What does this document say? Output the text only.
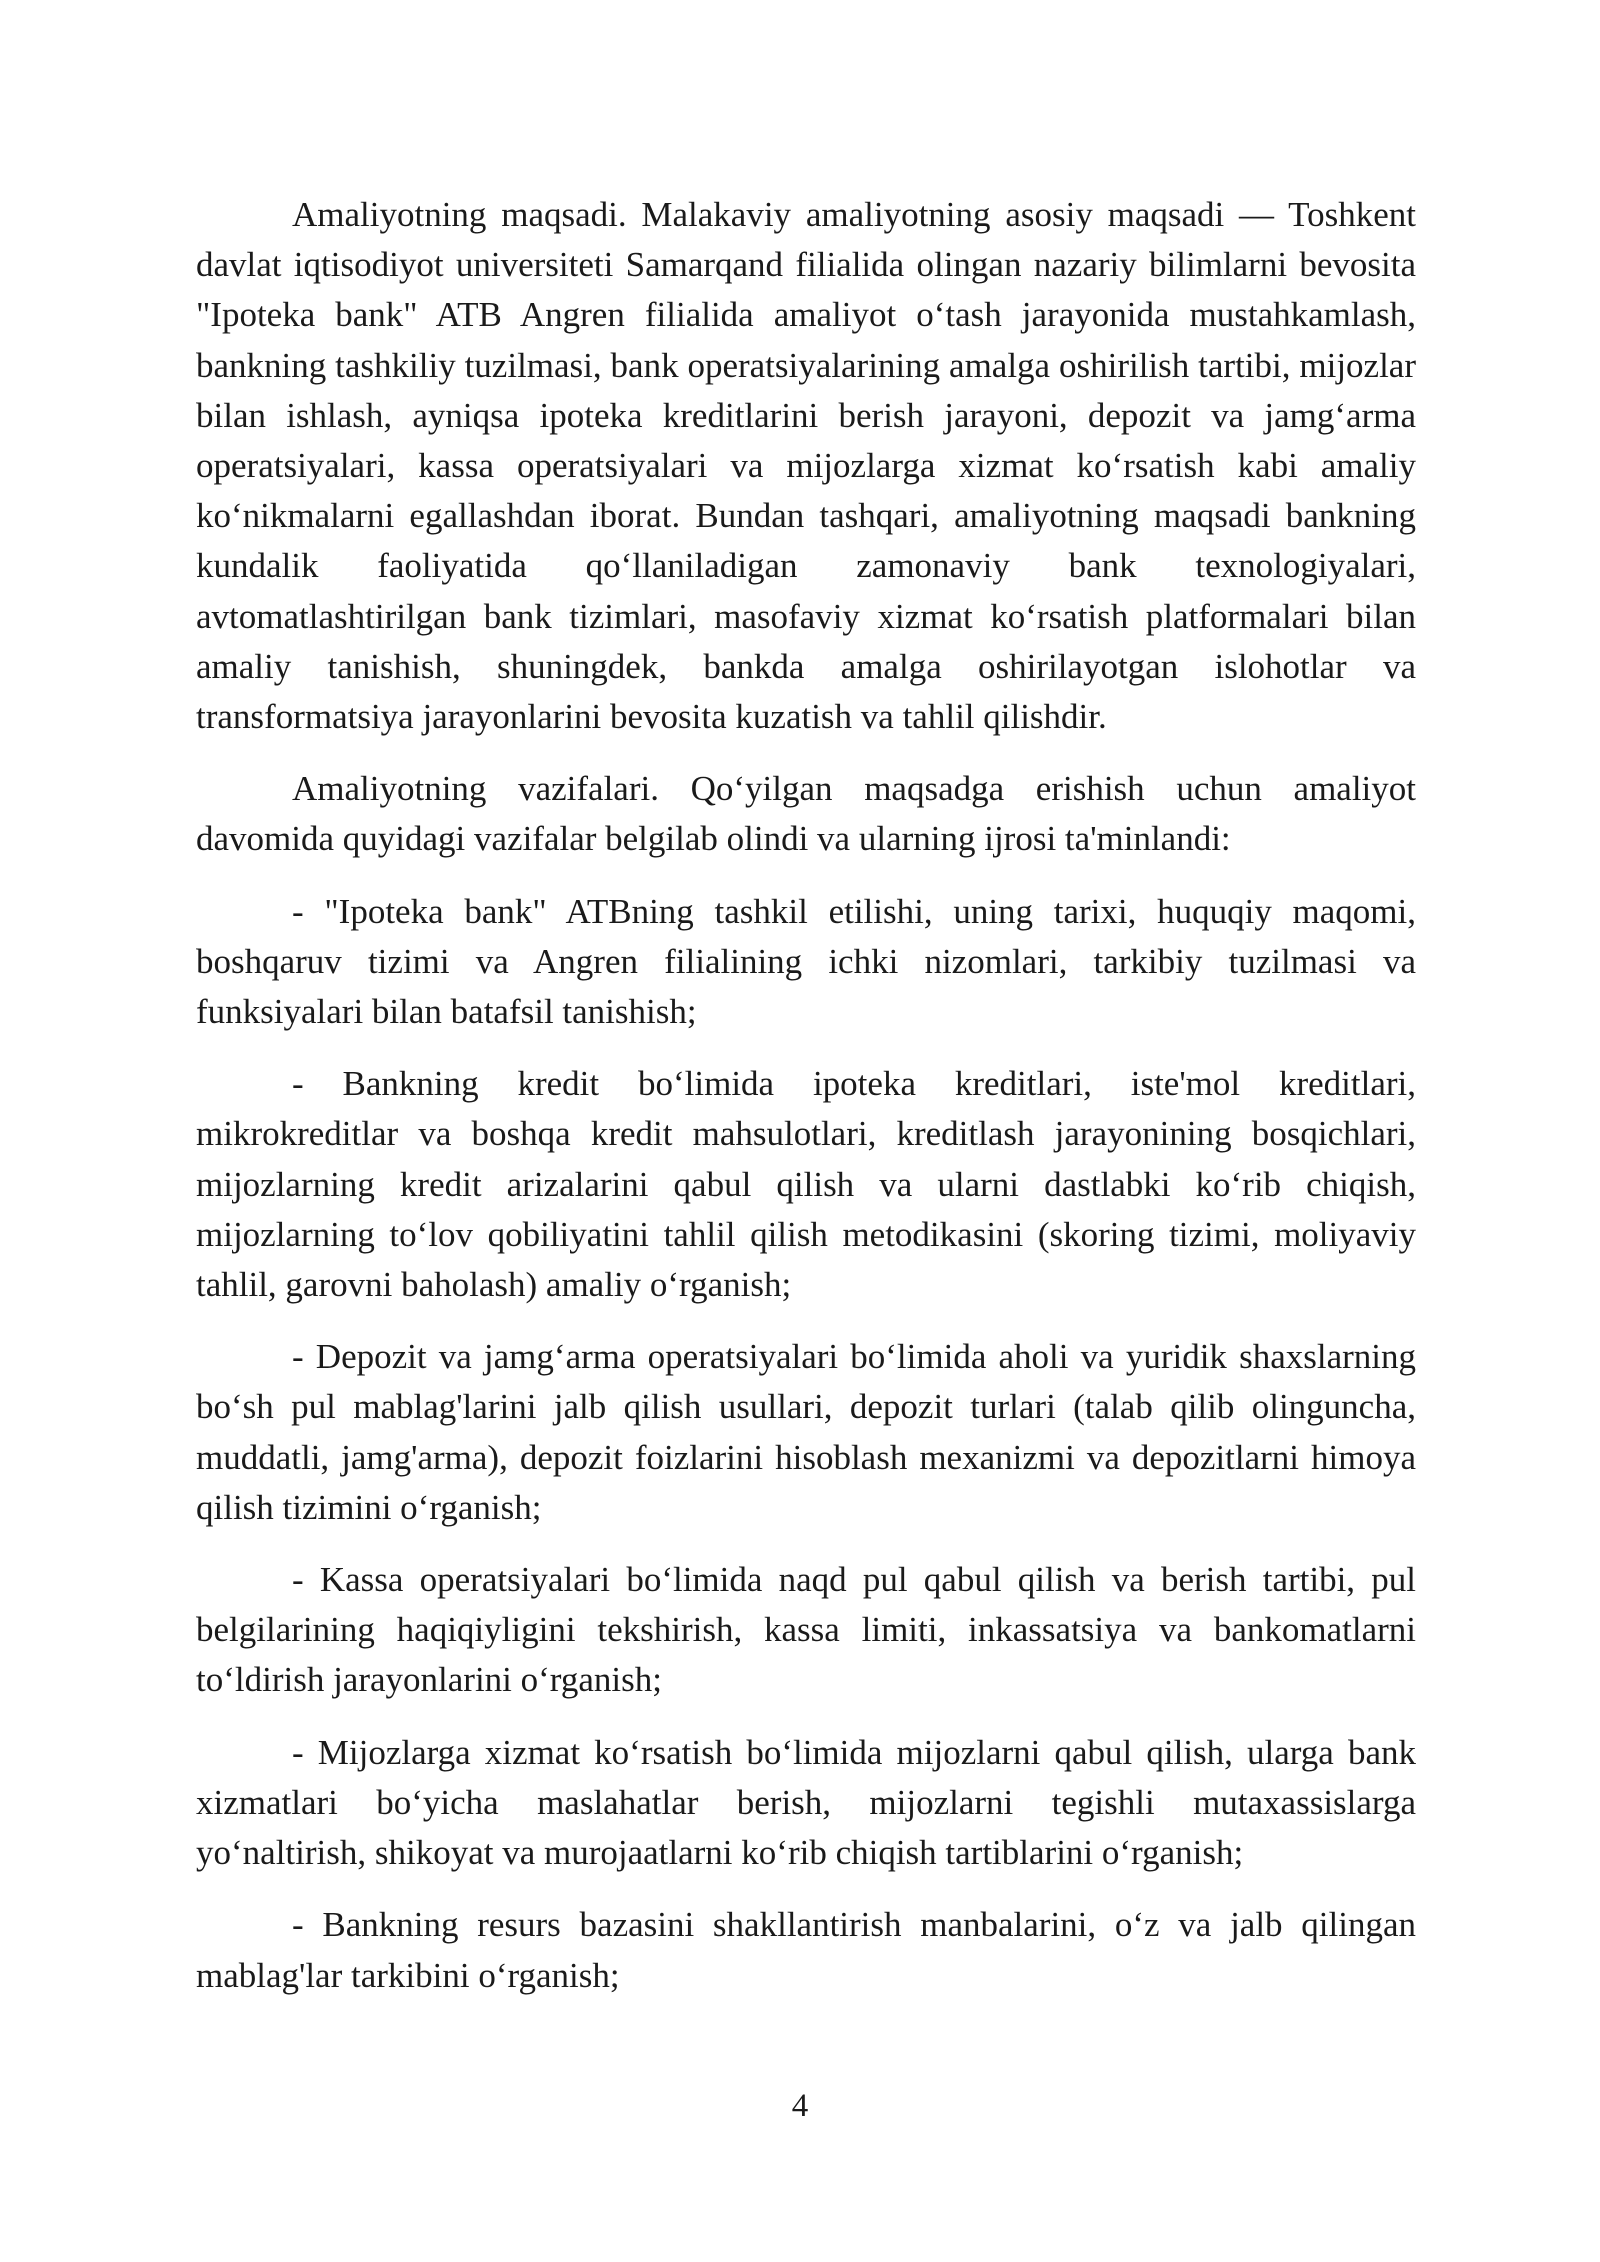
Amaliyotning maqsadi. Malakaviy amaliyotning asosiy maqsadi — Toshkent davlat iqtisodiyot universiteti Samarqand filialida olingan nazariy bilimlarni bevosita "Ipoteka bank" ATB Angren filialida amaliyot oʻtash jarayonida mustahkamlash, bankning tashkiliy tuzilmasi, bank operatsiyalarining amalga oshirilish tartibi, mijozlar bilan ishlash, ayniqsa ipoteka kreditlarini berish jarayoni, depozit va jamgʻarma operatsiyalari, kassa operatsiyalari va mijozlarga xizmat koʻrsatish kabi amaliy koʻnikmalarni egallashdan iborat. Bundan tashqari, amaliyotning maqsadi bankning kundalik faoliyatida qoʻllaniladigan zamonaviy bank texnologiyalari, avtomatlashtirilgan bank tizimlari, masofaviy xizmat koʻrsatish platformalari bilan amaliy tanishish, shuningdek, bankda amalga oshirilayotgan islohotlar va transformatsiya jarayonlarini bevosita kuzatish va tahlil qilishdir.

Amaliyotning vazifalari. Qoʻyilgan maqsadga erishish uchun amaliyot davomida quyidagi vazifalar belgilab olindi va ularning ijrosi ta'minlandi:

- "Ipoteka bank" ATBning tashkil etilishi, uning tarixi, huquqiy maqomi, boshqaruv tizimi va Angren filialining ichki nizomlari, tarkibiy tuzilmasi va funksiyalari bilan batafsil tanishish;

- Bankning kredit boʻlimida ipoteka kreditlari, iste'mol kreditlari, mikrokreditlar va boshqa kredit mahsulotlari, kreditlash jarayonining bosqichlari, mijozlarning kredit arizalarini qabul qilish va ularni dastlabki koʻrib chiqish, mijozlarning toʻlov qobiliyatini tahlil qilish metodikasini (skoring tizimi, moliyaviy tahlil, garovni baholash) amaliy oʻrganish;

- Depozit va jamgʻarma operatsiyalari boʻlimida aholi va yuridik shaxslarning boʻsh pul mablag'larini jalb qilish usullari, depozit turlari (talab qilib olinguncha, muddatli, jamg'arma), depozit foizlarini hisoblash mexanizmi va depozitlarni himoya qilish tizimini oʻrganish;

- Kassa operatsiyalari boʻlimida naqd pul qabul qilish va berish tartibi, pul belgilarining haqiqiyligini tekshirish, kassa limiti, inkassatsiya va bankomatlarni toʻldirish jarayonlarini oʻrganish;

- Mijozlarga xizmat koʻrsatish boʻlimida mijozlarni qabul qilish, ularga bank xizmatlari boʻyicha maslahatlar berish, mijozlarni tegishli mutaxassislarga yoʻnaltirish, shikoyat va murojaatlarni koʻrib chiqish tartiblarini oʻrganish;

- Bankning resurs bazasini shakllantirish manbalarini, oʻz va jalb qilingan mablag'lar tarkibini oʻrganish;

4
